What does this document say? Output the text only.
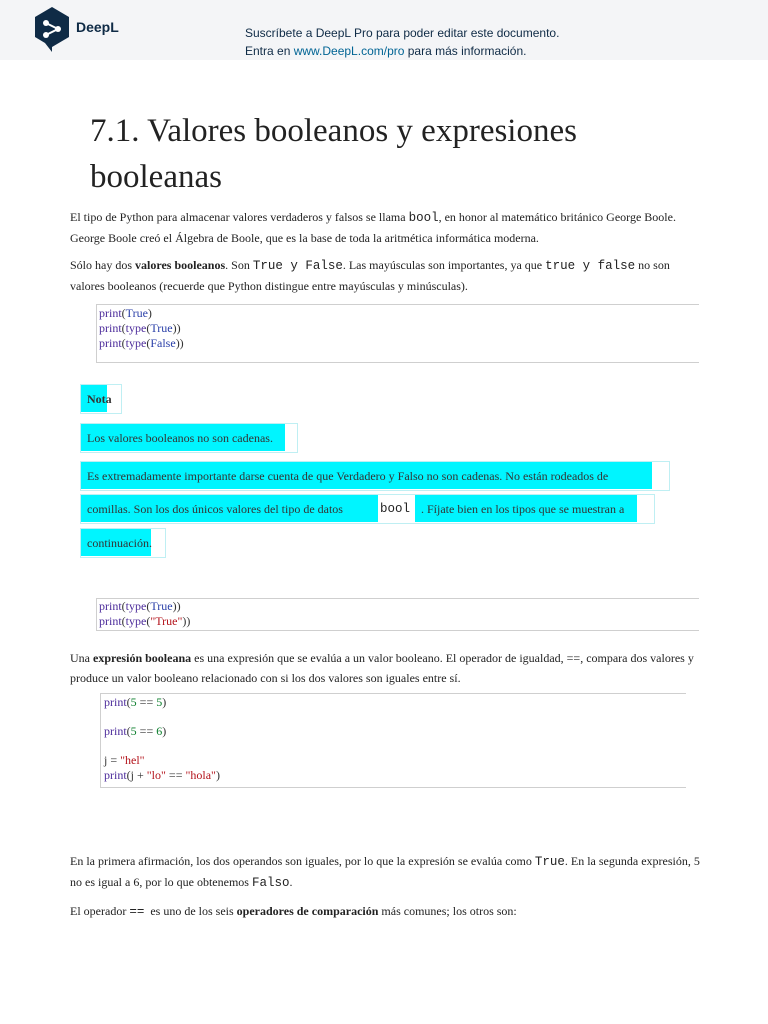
DeepL	Suscríbete a DeepL Pro para poder editar este documento.
Entra en www.DeepL.com/pro para más información.
7.1. Valores booleanos y expresiones
booleanas
El tipo de Python para almacenar valores verdaderos y falsos se llama bool, en honor al matemático británico George Boole. George Boole creó el Álgebra de Boole, que es la base de toda la aritmética informática moderna.
Sólo hay dos valores booleanos. Son True y False. Las mayúsculas son importantes, ya que true y false no son valores booleanos (recuerde que Python distingue entre mayúsculas y minúsculas).
print(True)
print(type(True))
print(type(False))
Nota
Los valores booleanos no son cadenas.
Es extremadamente importante darse cuenta de que Verdadero y Falso no son cadenas. No están rodeados de
comillas. Son los dos únicos valores del tipo de datos	bool . Fíjate bien en los tipos que se muestran a
continuación.
print(type(True))
print(type("True"))
Una expresión booleana es una expresión que se evalúa a un valor booleano. El operador de igualdad, ==, compara dos valores y produce un valor booleano relacionado con si los dos valores son iguales entre sí.
print(5 == 5)
print(5 == 6)
j = "hel"
print(j + "lo" == "hola")
En la primera afirmación, los dos operandos son iguales, por lo que la expresión se evalúa como True. En la segunda expresión, 5 no es igual a 6, por lo que obtenemos Falso.
El operador ==  es uno de los seis operadores de comparación más comunes; los otros son:
